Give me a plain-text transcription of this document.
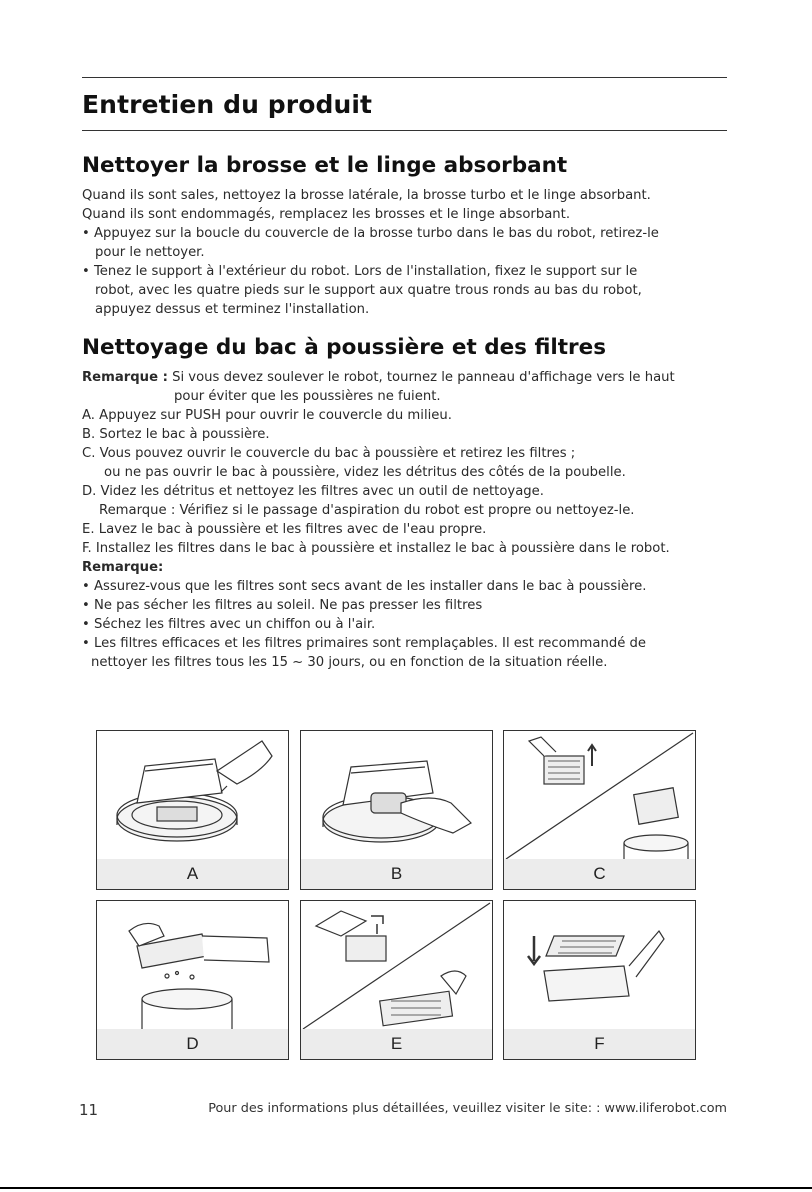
Entretien du produit
Nettoyer la brosse et le linge absorbant
Quand ils sont sales, nettoyez la brosse latérale, la brosse turbo et le linge absorbant.
Quand ils sont endommagés, remplacez les brosses et le linge absorbant.
• Appuyez sur la boucle du couvercle de la brosse turbo dans le bas du robot, retirez-le
pour le nettoyer.
• Tenez le support à l'extérieur du robot. Lors de l'installation, fixez le support sur le
robot, avec les quatre pieds sur le support aux quatre trous ronds au bas du robot,
appuyez dessus et terminez l'installation.
Nettoyage du bac à poussière et des filtres
Remarque : Si vous devez soulever le robot, tournez le panneau d'affichage vers le haut
pour éviter que les poussières ne fuient.
A. Appuyez sur PUSH pour ouvrir le couvercle du milieu.
B. Sortez le bac à poussière.
C. Vous pouvez ouvrir le couvercle du bac à poussière et retirez les filtres ;
ou ne pas ouvrir le bac à poussière, videz les détritus des côtés de la poubelle.
D. Videz les détritus et nettoyez les filtres avec un outil de nettoyage.
Remarque : Vérifiez si le passage d'aspiration du robot est propre ou nettoyez-le.
E. Lavez le bac à poussière et les filtres avec de l'eau propre.
F. Installez les filtres dans le bac à poussière et installez le bac à poussière dans le robot.
Remarque:
• Assurez-vous que les filtres sont secs avant de les installer dans le bac à poussière.
• Ne pas sécher les filtres au soleil. Ne pas presser les filtres
• Séchez les filtres avec un chiffon ou à l'air.
• Les filtres efficaces et les filtres primaires sont remplaçables. Il est recommandé de
nettoyer les filtres tous les 15 ~ 30 jours, ou en fonction de la situation réelle.
A	B	C
D	E	F
11	Pour des informations plus détaillées, veuillez visiter le site: : www.iliferobot.com
